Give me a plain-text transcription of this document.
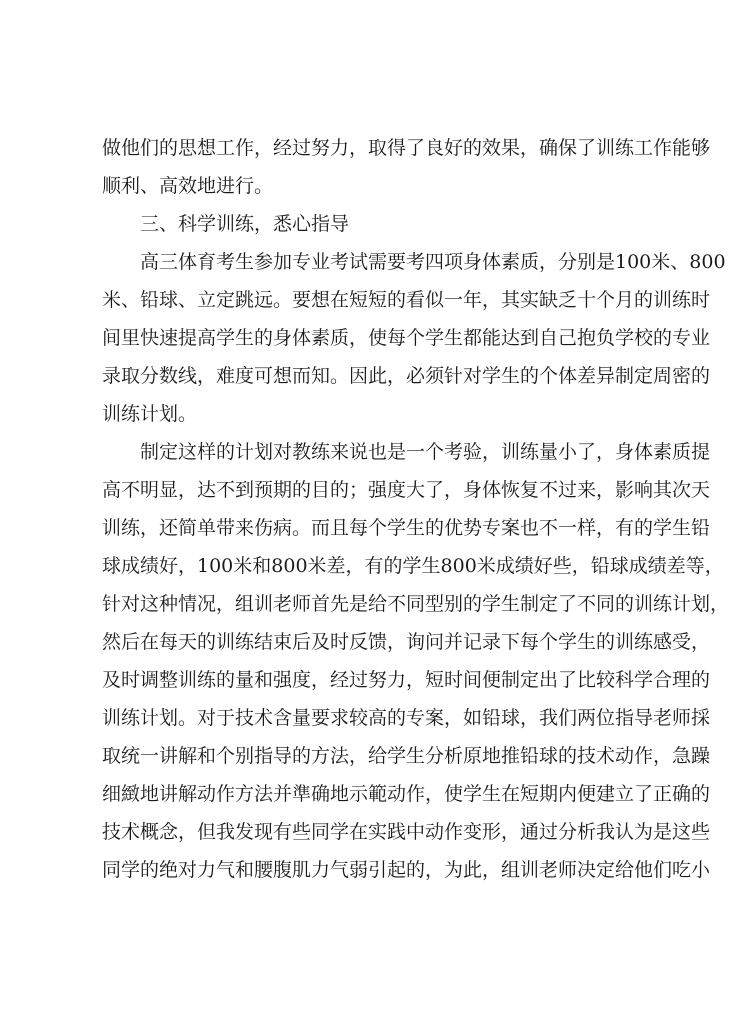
做他们的思想工作，经过努力，取得了良好的效果，确保了训练工作能够
顺利、高效地进行。
三、科学训练，悉心指导
高三体育考生参加专业考试需要考四项身体素质，分别是100米、800
米、铅球、立定跳远。要想在短短的看似一年，其实缺乏十个月的训练时
间里快速提高学生的身体素质，使每个学生都能达到自己抱负学校的专业
录取分数线，难度可想而知。因此，必须针对学生的个体差异制定周密的
训练计划。
制定这样的计划对教练来说也是一个考验，训练量小了，身体素质提
高不明显，达不到预期的目的；强度大了，身体恢复不过来，影响其次天
训练，还简单带来伤病。而且每个学生的优势专案也不一样，有的学生铅
球成绩好，100米和800米差，有的学生800米成绩好些，铅球成绩差等，
针对这种情况，组训老师首先是给不同型别的学生制定了不同的训练计划，
然后在每天的训练结束后及时反馈，询问并记录下每个学生的训练感受，
及时调整训练的量和强度，经过努力，短时间便制定出了比较科学合理的
训练计划。对于技术含量要求较高的专案，如铅球，我们两位指导老师採
取统一讲解和个别指导的方法，给学生分析原地推铅球的技术动作，急躁
细緻地讲解动作方法并準确地示範动作，使学生在短期内便建立了正确的
技术概念，但我发现有些同学在实践中动作变形，通过分析我认为是这些
同学的绝对力气和腰腹肌力气弱引起的，为此，组训老师决定给他们吃小
